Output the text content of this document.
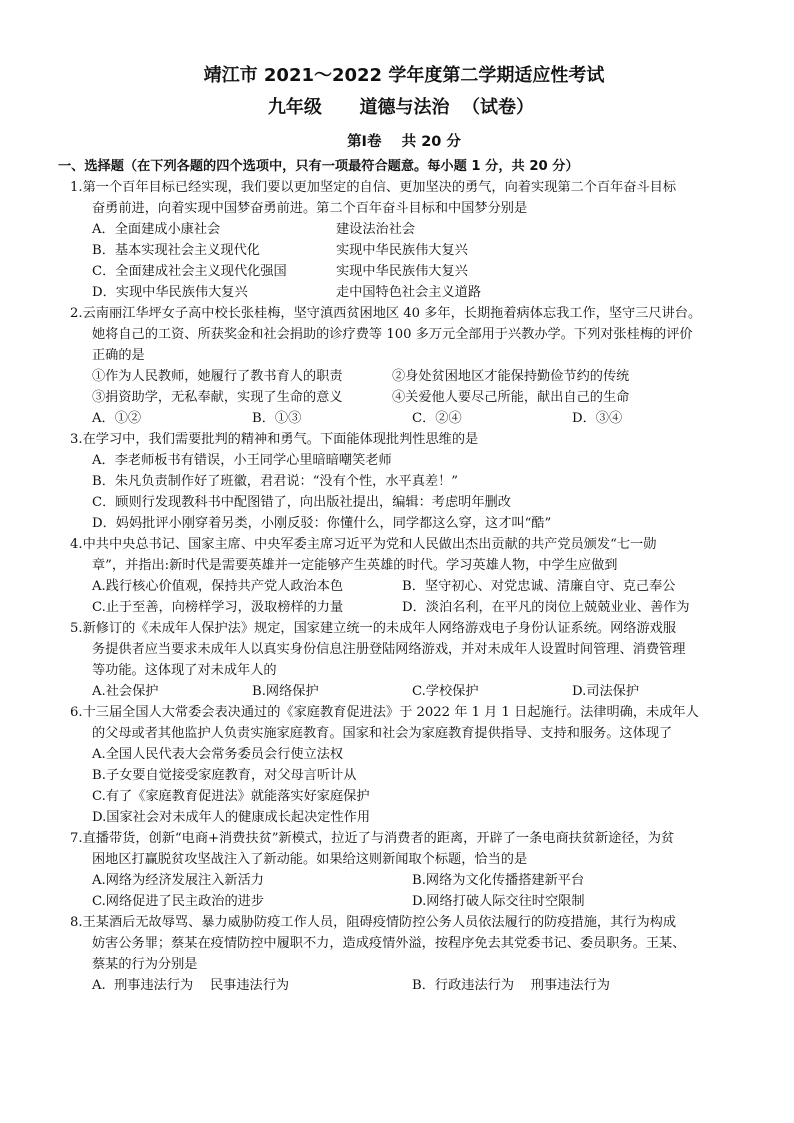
靖江市 2021～2022 学年度第二学期适应性考试
九年级      道德与法治  （试卷）
第Ⅰ卷    共 20 分
一、选择题（在下列各题的四个选项中，只有一项最符合题意。每小题 1 分，共 20 分）
1.第一个百年目标已经实现，我们要以更加坚定的自信、更加坚决的勇气，向着实现第二个百年奋斗目标
奋勇前进，向着实现中国梦奋勇前进。第二个百年奋斗目标和中国梦分别是
A．全面建成小康社会	建设法治社会
B．基本实现社会主义现代化	实现中华民族伟大复兴
C．全面建成社会主义现代化强国	实现中华民族伟大复兴
D．实现中华民族伟大复兴	走中国特色社会主义道路
2.云南丽江华坪女子高中校长张桂梅，坚守滇西贫困地区 40 多年，长期拖着病体忘我工作，坚守三尺讲台。
她将自己的工资、所获奖金和社会捐助的诊疗费等 100 多万元全部用于兴教办学。下列对张桂梅的评价
正确的是
①作为人民教师，她履行了教书育人的职责	②身处贫困地区才能保持勤俭节约的传统
③捐资助学，无私奉献，实现了生命的意义	④关爱他人要尽己所能，献出自己的生命
A．①②	B．①③	C．②④	D．③④
3.在学习中，我们需要批判的精神和勇气。下面能体现批判性思维的是
A．李老师板书有错误，小王同学心里暗暗嘲笑老师
B．朱凡负责制作好了班徽，君君说：“没有个性，水平真差！”
C．顾则行发现教科书中配图错了，向出版社提出，编辑：考虑明年删改
D．妈妈批评小刚穿着另类，小刚反驳：你懂什么，同学都这么穿，这才叫“酷”
4.中共中央总书记、国家主席、中央军委主席习近平为党和人民做出杰出贡献的共产党员颁发“七一勋
章”，并指出:新时代是需要英雄并一定能够产生英雄的时代。学习英雄人物，中学生应做到
A.践行核心价值观，保持共产党人政治本色	B．坚守初心、对党忠诚、清廉自守、克己奉公
C.止于至善，向榜样学习，汲取榜样的力量	D．淡泊名利，在平凡的岗位上兢兢业业、善作为
5.新修订的《未成年人保护法》规定，国家建立统一的未成年人网络游戏电子身份认证系统。网络游戏服
务提供者应当要求未成年人以真实身份信息注册登陆网络游戏，并对未成年人设置时间管理、消费管理
等功能。这体现了对未成年人的
A.社会保护	B.网络保护	C.学校保护	D.司法保护
6.十三届全国人大常委会表决通过的《家庭教育促进法》于 2022 年 1 月 1 日起施行。法律明确，未成年人
的父母或者其他监护人负责实施家庭教育。国家和社会为家庭教育提供指导、支持和服务。这体现了
A.全国人民代表大会常务委员会行使立法权
B.子女要自觉接受家庭教育，对父母言听计从
C.有了《家庭教育促进法》就能落实好家庭保护
D.国家社会对未成年人的健康成长起决定性作用
7.直播带货，创新“电商+消费扶贫”新模式，拉近了与消费者的距离，开辟了一条电商扶贫新途径，为贫
困地区打赢脱贫攻坚战注入了新动能。如果给这则新闻取个标题，恰当的是
A.网络为经济发展注入新活力	B.网络为文化传播搭建新平台
C.网络促进了民主政治的进步	D.网络打破人际交往时空限制
8.王某酒后无故辱骂、暴力威胁防疫工作人员，阻碍疫情防控公务人员依法履行的防疫措施，其行为构成
妨害公务罪；蔡某在疫情防控中履职不力，造成疫情外溢，按程序免去其党委书记、委员职务。王某、
蔡某的行为分别是
A.  刑事违法行为    民事违法行为	B．行政违法行为    刑事违法行为
